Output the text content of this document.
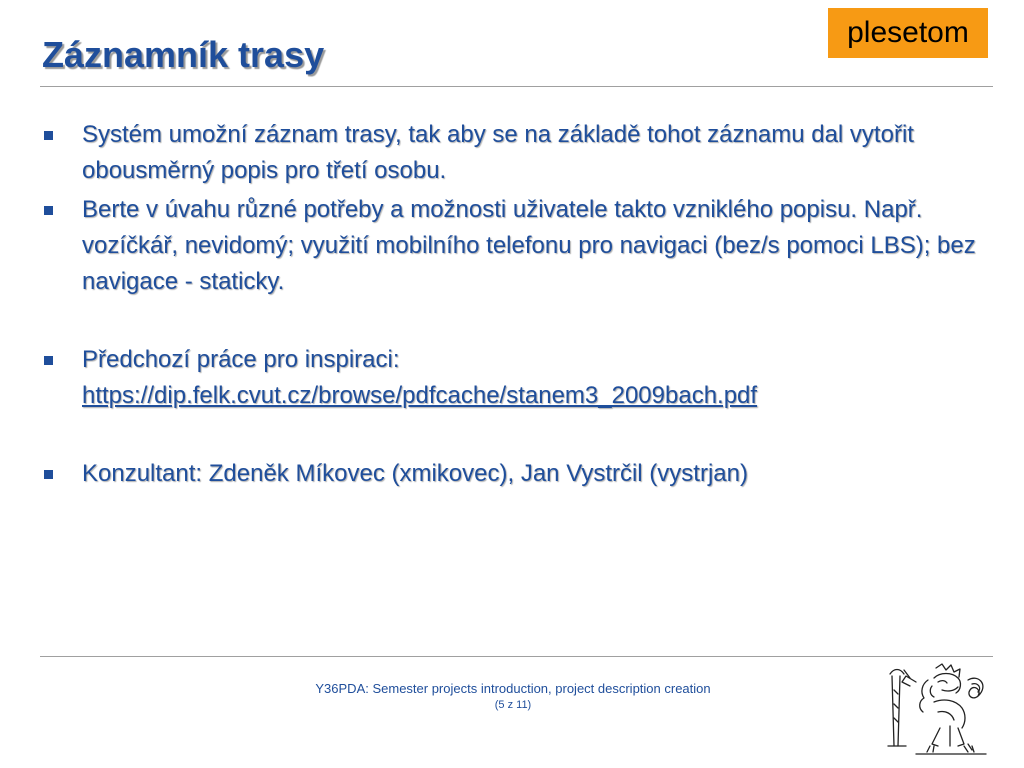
Záznamník trasy
plesetom
Systém umožní záznam trasy, tak aby se na základě tohot záznamu dal vytořit obousměrný popis pro třetí osobu.
Berte v úvahu různé potřeby a možnosti uživatele takto vzniklého popisu. Např. vozíčkář, nevidomý; využití mobilního telefonu pro navigaci (bez/s pomoci LBS); bez navigace - staticky.
Předchozí práce pro inspiraci:
https://dip.felk.cvut.cz/browse/pdfcache/stanem3_2009bach.pdf
Konzultant: Zdeněk Míkovec (xmikovec), Jan Vystrčil (vystrjan)
Y36PDA: Semester projects introduction, project description creation
(5 z 11)
